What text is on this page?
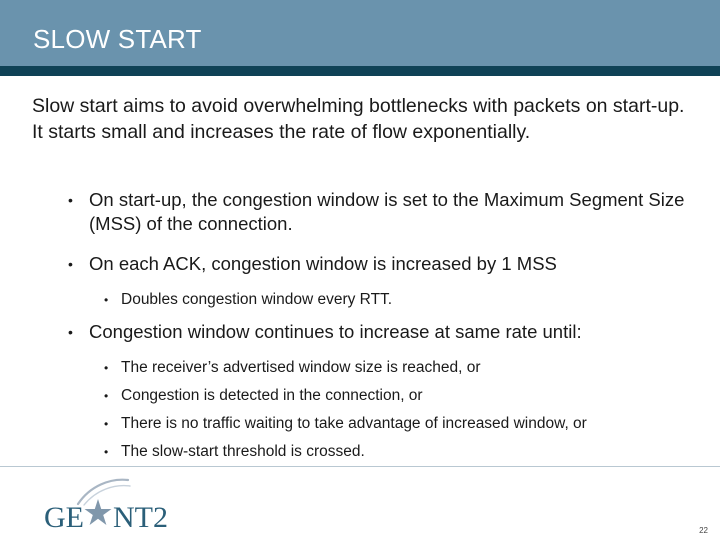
SLOW START
Slow start aims to avoid overwhelming bottlenecks with packets on start-up. It starts small and increases the rate of flow exponentially.
• On start-up, the congestion window is set to the Maximum Segment Size (MSS) of the connection.
• On each ACK, congestion window is increased by 1 MSS
• Doubles congestion window every RTT.
• Congestion window continues to increase at same rate until:
• The receiver’s advertised window size is reached, or
• Congestion is detected in the connection, or
• There is no traffic waiting to take advantage of increased window, or
• The slow-start threshold is crossed.
GE NT2	22
